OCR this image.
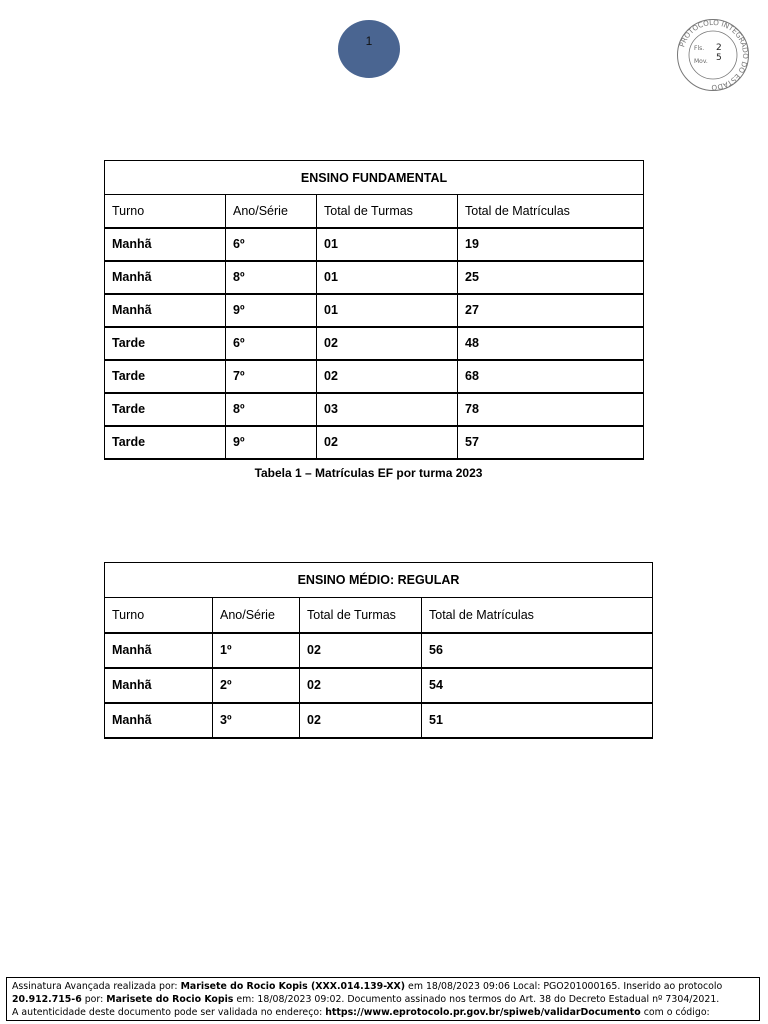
1	PROTOCOLO INTEGRADO DO ESTADO
Fls. 2
Mov. 5
ENSINO FUNDAMENTAL			
Turno	Ano/Série	Total de Turmas	Total de Matrículas
Manhã	6º	01	19
Manhã	8º	01	25
Manhã	9º	01	27
Tarde	6º	02	48
Tarde	7º	02	68
Tarde	8º	03	78
Tarde	9º	02	57
Tabela 1 – Matrículas EF por turma 2023
ENSINO MÉDIO: REGULAR			
Turno	Ano/Série	Total de Turmas	Total de Matrículas
Manhã	1º	02	56
Manhã	2º	02	54
Manhã	3º	02	51

Assinatura Avançada realizada por: Marisete do Rocio Kopis (XXX.014.139-XX) em 18/08/2023 09:06 Local: PGO201000165. Inserido ao protocolo

20.912.715-6 por: Marisete do Rocio Kopis em: 18/08/2023 09:02. Documento assinado nos termos do Art. 38 do Decreto Estadual nº 7304/2021.

A autenticidade deste documento pode ser validada no endereço: https://www.eprotocolo.pr.gov.br/spiweb/validarDocumento com o código:
